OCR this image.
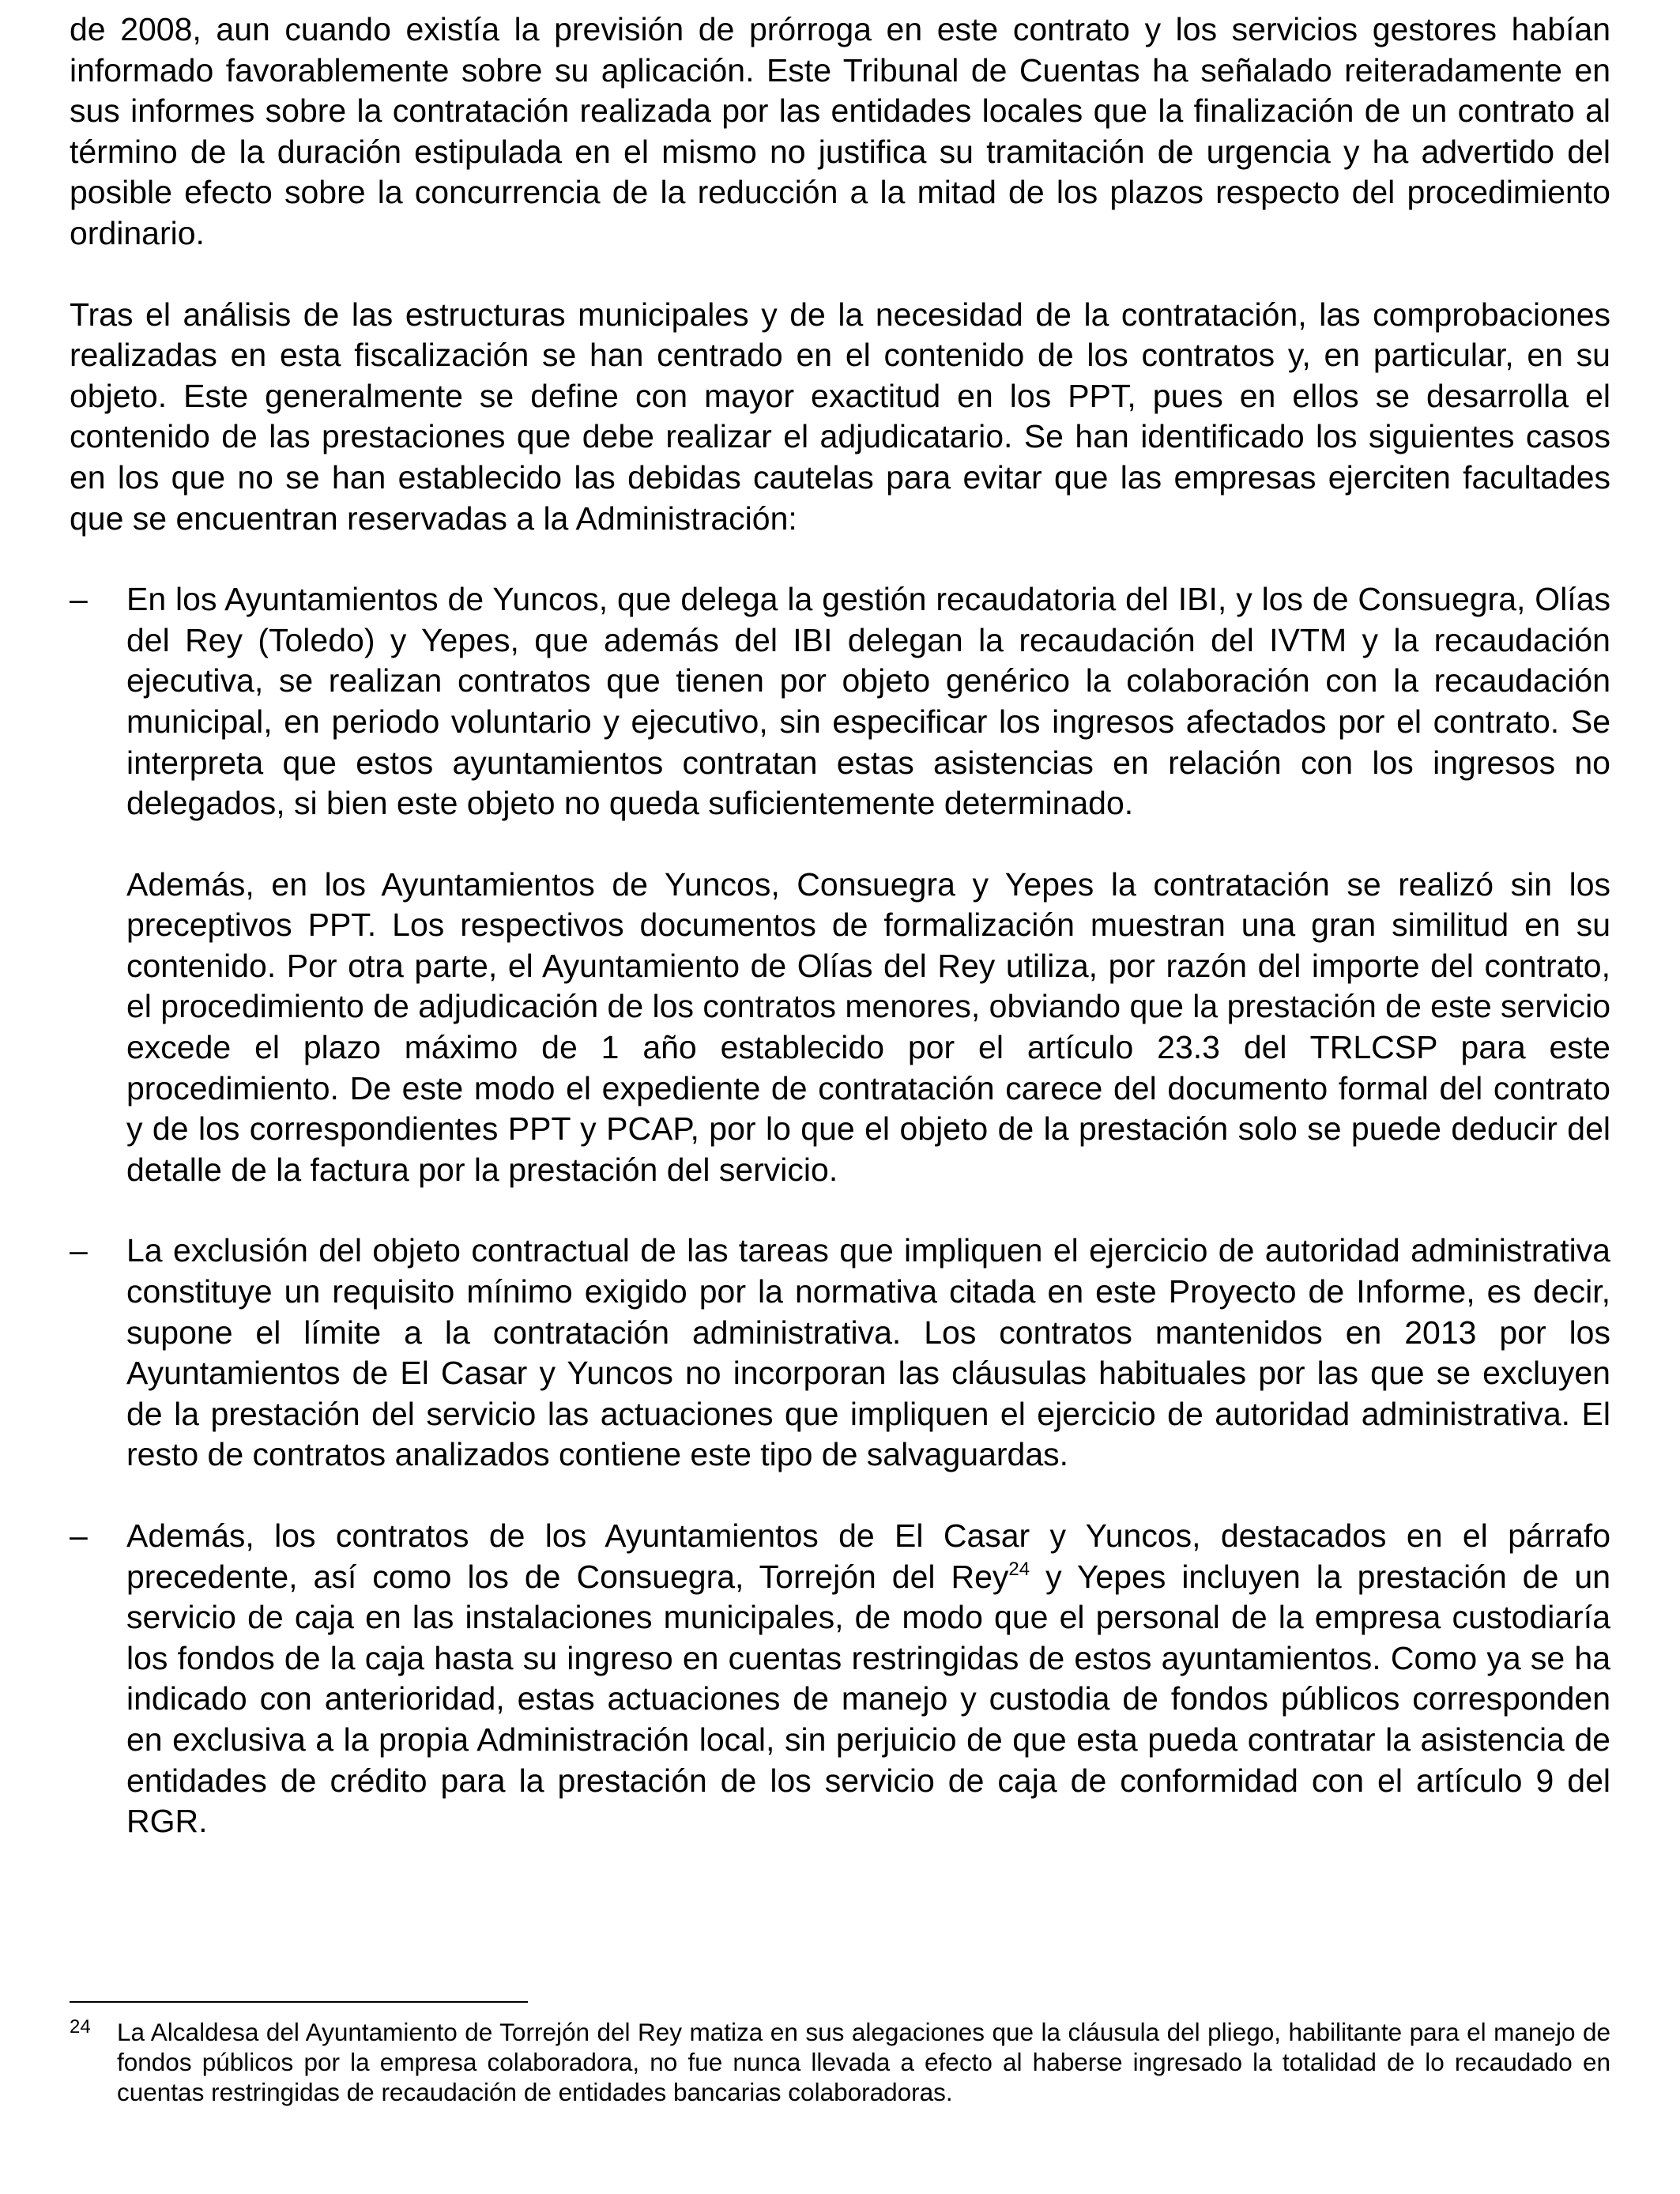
de 2008, aun cuando existía la previsión de prórroga en este contrato y los servicios gestores habían informado favorablemente sobre su aplicación. Este Tribunal de Cuentas ha señalado reiteradamente en sus informes sobre la contratación realizada por las entidades locales que la finalización de un contrato al término de la duración estipulada en el mismo no justifica su tramitación de urgencia y ha advertido del posible efecto sobre la concurrencia de la reducción a la mitad de los plazos respecto del procedimiento ordinario.

Tras el análisis de las estructuras municipales y de la necesidad de la contratación, las comprobaciones realizadas en esta fiscalización se han centrado en el contenido de los contratos y, en particular, en su objeto. Este generalmente se define con mayor exactitud en los PPT, pues en ellos se desarrolla el contenido de las prestaciones que debe realizar el adjudicatario. Se han identificado los siguientes casos en los que no se han establecido las debidas cautelas para evitar que las empresas ejerciten facultades que se encuentran reservadas a la Administración:

– En los Ayuntamientos de Yuncos, que delega la gestión recaudatoria del IBI, y los de Consuegra, Olías del Rey (Toledo) y Yepes, que además del IBI delegan la recaudación del IVTM y la recaudación ejecutiva, se realizan contratos que tienen por objeto genérico la colaboración con la recaudación municipal, en periodo voluntario y ejecutivo, sin especificar los ingresos afectados por el contrato. Se interpreta que estos ayuntamientos contratan estas asistencias en relación con los ingresos no delegados, si bien este objeto no queda suficientemente determinado.

Además, en los Ayuntamientos de Yuncos, Consuegra y Yepes la contratación se realizó sin los preceptivos PPT. Los respectivos documentos de formalización muestran una gran similitud en su contenido. Por otra parte, el Ayuntamiento de Olías del Rey utiliza, por razón del importe del contrato, el procedimiento de adjudicación de los contratos menores, obviando que la prestación de este servicio excede el plazo máximo de 1 año establecido por el artículo 23.3 del TRLCSP para este procedimiento. De este modo el expediente de contratación carece del documento formal del contrato y de los correspondientes PPT y PCAP, por lo que el objeto de la prestación solo se puede deducir del detalle de la factura por la prestación del servicio.

– La exclusión del objeto contractual de las tareas que impliquen el ejercicio de autoridad administrativa constituye un requisito mínimo exigido por la normativa citada en este Proyecto de Informe, es decir, supone el límite a la contratación administrativa. Los contratos mantenidos en 2013 por los Ayuntamientos de El Casar y Yuncos no incorporan las cláusulas habituales por las que se excluyen de la prestación del servicio las actuaciones que impliquen el ejercicio de autoridad administrativa. El resto de contratos analizados contiene este tipo de salvaguardas.

– Además, los contratos de los Ayuntamientos de El Casar y Yuncos, destacados en el párrafo precedente, así como los de Consuegra, Torrejón del Rey$^{24}$ y Yepes incluyen la prestación de un servicio de caja en las instalaciones municipales, de modo que el personal de la empresa custodiaría los fondos de la caja hasta su ingreso en cuentas restringidas de estos ayuntamientos. Como ya se ha indicado con anterioridad, estas actuaciones de manejo y custodia de fondos públicos corresponden en exclusiva a la propia Administración local, sin perjuicio de que esta pueda contratar la asistencia de entidades de crédito para la prestación de los servicio de caja de conformidad con el artículo 9 del RGR.

24	La Alcaldesa del Ayuntamiento de Torrejón del Rey matiza en sus alegaciones que la cláusula del pliego, habilitante para el manejo de fondos públicos por la empresa colaboradora, no fue nunca llevada a efecto al haberse ingresado la totalidad de lo recaudado en cuentas restringidas de recaudación de entidades bancarias colaboradoras.
